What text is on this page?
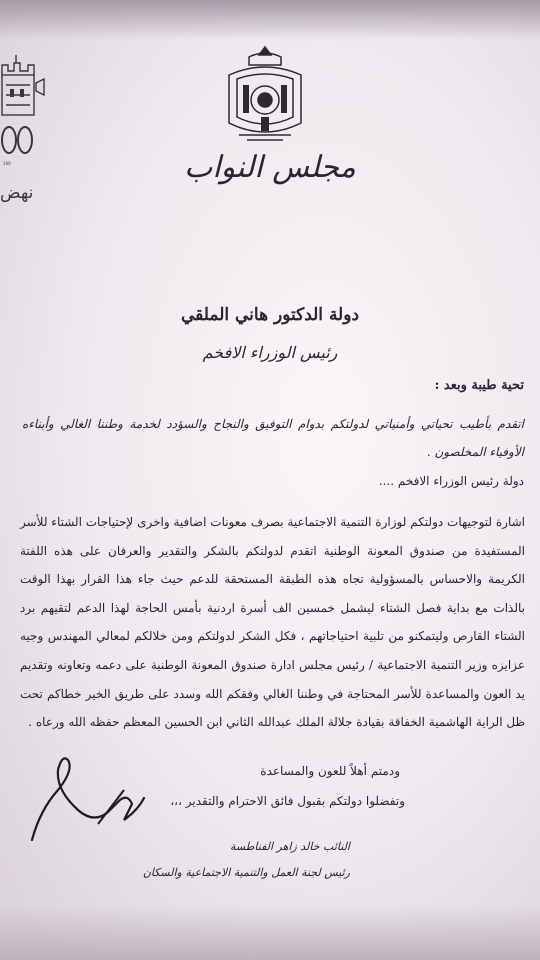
100
نهض
مجلس النواب
دولة الدكتور هاني الملقي
رئيس الوزراء الافخم
تحية طيبة وبعد :
اتقدم بأطيب تحياتي وأمنياتي لدولتكم بدوام التوفيق والنجاح والسؤدد لخدمة وطننا الغالي وأبناءه الأوفياء المخلصون .
دولة رئيس الوزراء الافخم ....
اشارة لتوجيهات دولتكم لوزارة التنمية الاجتماعية بصرف معونات اضافية واخرى لإحتياجات الشتاء للأسر المستفيدة من صندوق المعونة الوطنية اتقدم لدولتكم بالشكر والتقدير والعرفان على هذه اللفتة الكريمة والاحساس بالمسؤولية تجاه هذه الطبقة المستحقة للدعم حيث جاء هذا القرار بهذا الوقت بالذات مع بداية فصل الشتاء ليشمل خمسين الف أسرة اردنية بأمس الحاجة لهذا الدعم لتقيهم برد الشتاء القارص وليتمكنو من تلبية احتياجاتهم ، فكل الشكر لدولتكم ومن خلالكم لمعالي المهندس وجيه عزايزه وزير التنمية الاجتماعية / رئيس مجلس ادارة صندوق المعونة الوطنية على دعمه وتعاونه وتقديم يد العون والمساعدة للأسر المحتاجة في وطننا الغالي وفقكم الله وسدد على طريق الخير خطاكم تحت ظل الراية الهاشمية الخفاقة بقيادة جلالة الملك عبدالله الثاني ابن الحسين المعظم حفظه الله ورعاه .
ودمتم أهلاً للعون والمساعدة
وتفضلوا دولتكم بقبول فائق الاحترام والتقدير ،،،
النائب خالد زاهر الفناطسة
رئيس لجنة العمل والتنمية الاجتماعية والسكان
